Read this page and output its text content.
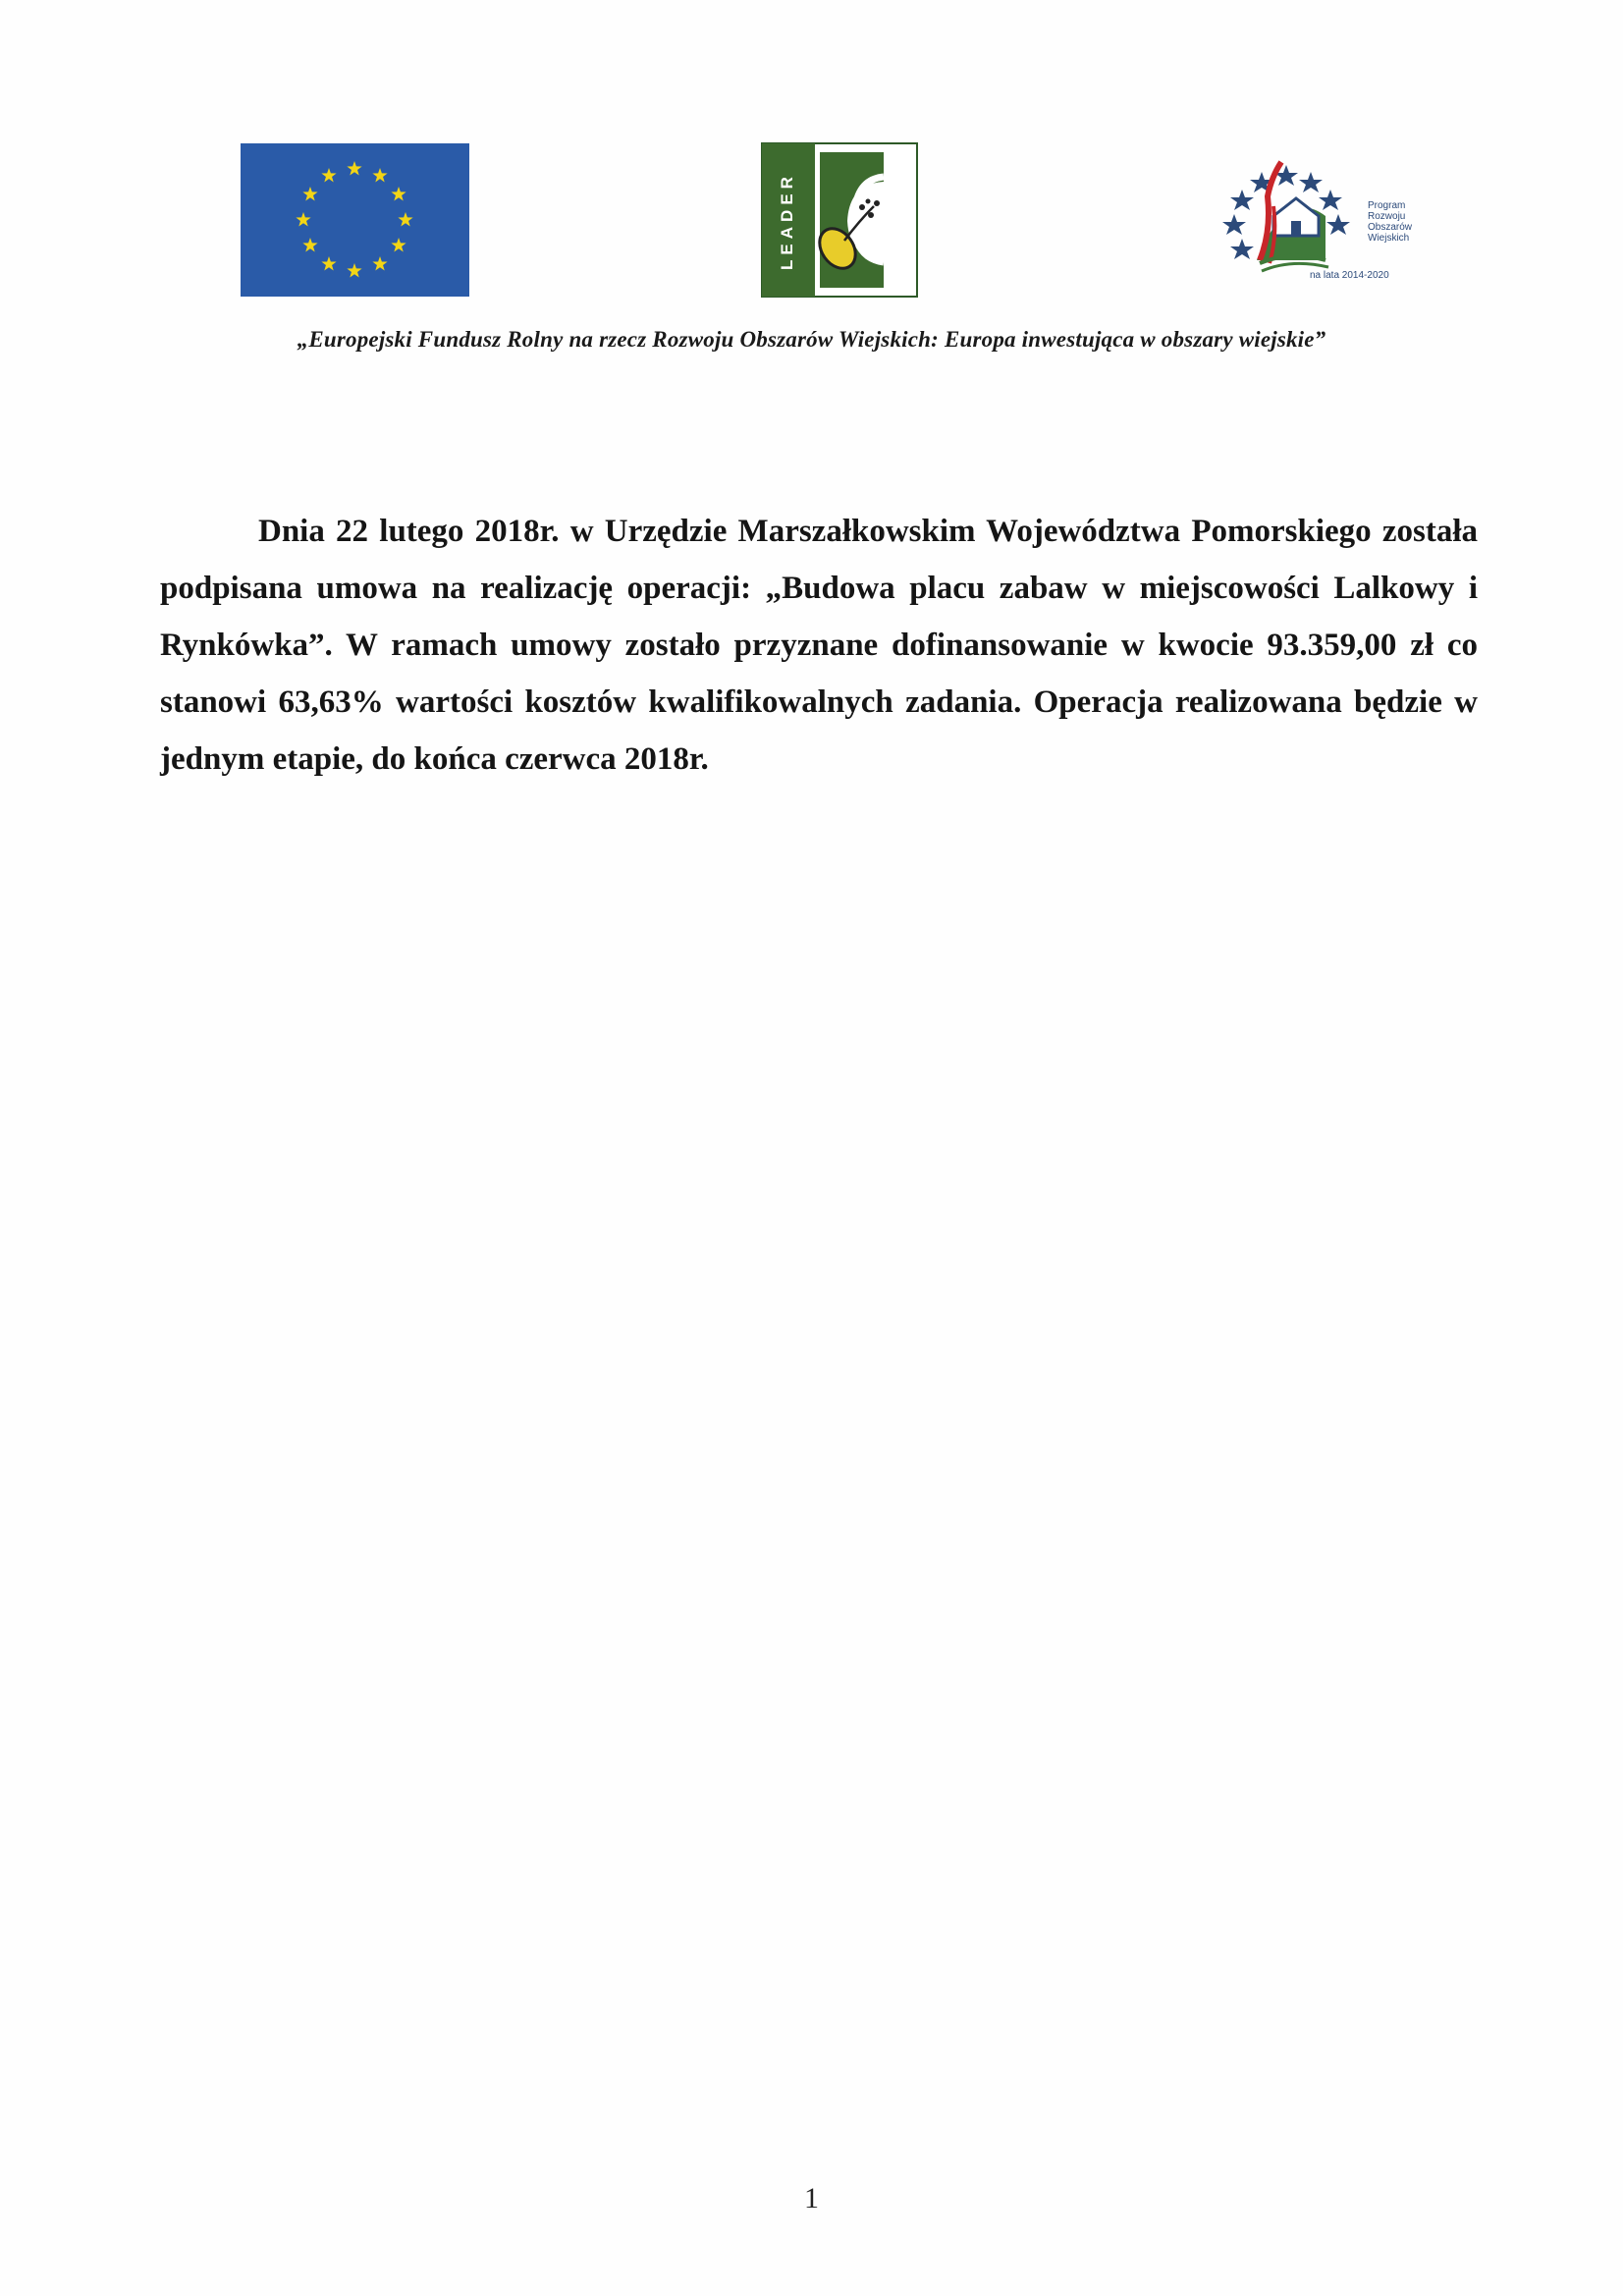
LEADER	Program
Rozwoju
Obszarów
Wiejskich
na lata 2014-2020
„Europejski Fundusz Rolny na rzecz Rozwoju Obszarów Wiejskich: Europa inwestująca w obszary wiejskie”

Dnia 22 lutego 2018r. w Urzędzie Marszałkowskim Województwa Pomorskiego została podpisana umowa na realizację operacji: „Budowa placu zabaw w miejscowości Lalkowy i Rynkówka”. W ramach umowy zostało przyznane dofinansowanie w kwocie 93.359,00 zł co stanowi 63,63% wartości kosztów kwalifikowalnych zadania. Operacja realizowana będzie w jednym etapie, do końca czerwca 2018r.

1
